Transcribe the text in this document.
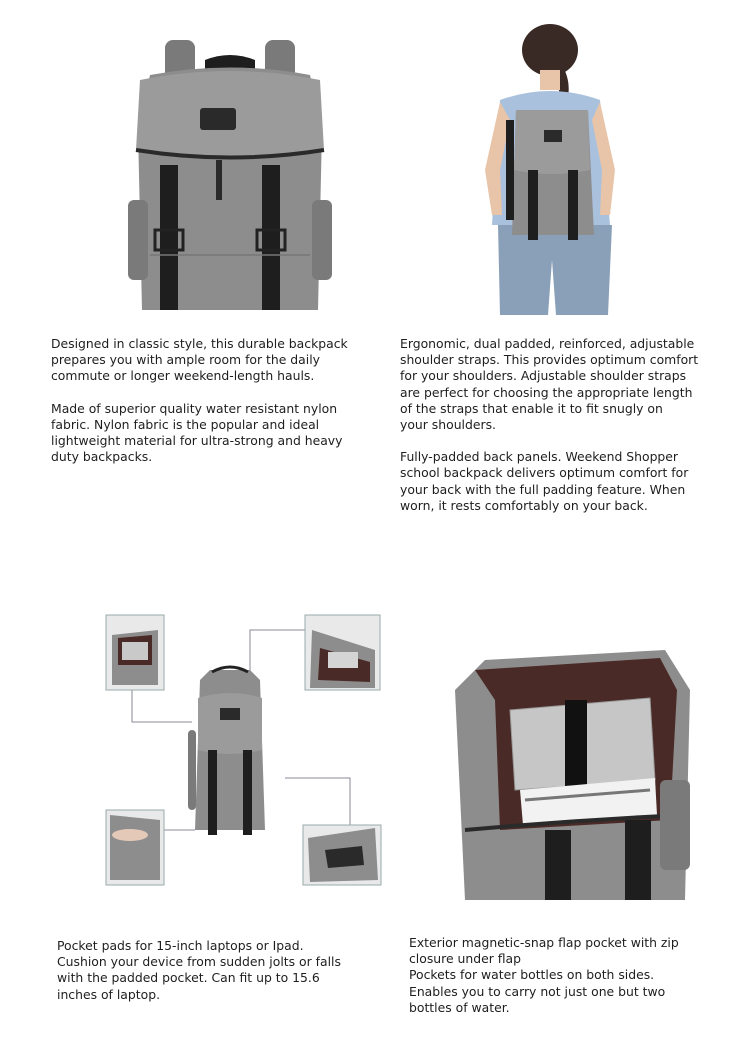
Designed in classic style, this durable backpack
prepares you with ample room for the daily
commute or longer weekend-length hauls.

Made of superior quality water resistant nylon
fabric. Nylon fabric is the popular and ideal
lightweight material for ultra-strong and heavy
duty backpacks.

Ergonomic, dual padded, reinforced, adjustable
shoulder straps. This provides optimum comfort
for your shoulders. Adjustable shoulder straps
are perfect for choosing the appropriate length
of the straps that enable it to fit snugly on
your shoulders.

Fully-padded back panels. Weekend Shopper
school backpack delivers optimum comfort for
your back with the full padding feature. When
worn, it rests comfortably on your back.

Pocket pads for 15-inch laptops or Ipad.
Cushion your device from sudden jolts or falls
with the padded pocket. Can fit up to 15.6
inches of laptop.

Exterior magnetic-snap flap pocket with zip
closure under flap
Pockets for water bottles on both sides.
Enables you to carry not just one but two
bottles of water.
